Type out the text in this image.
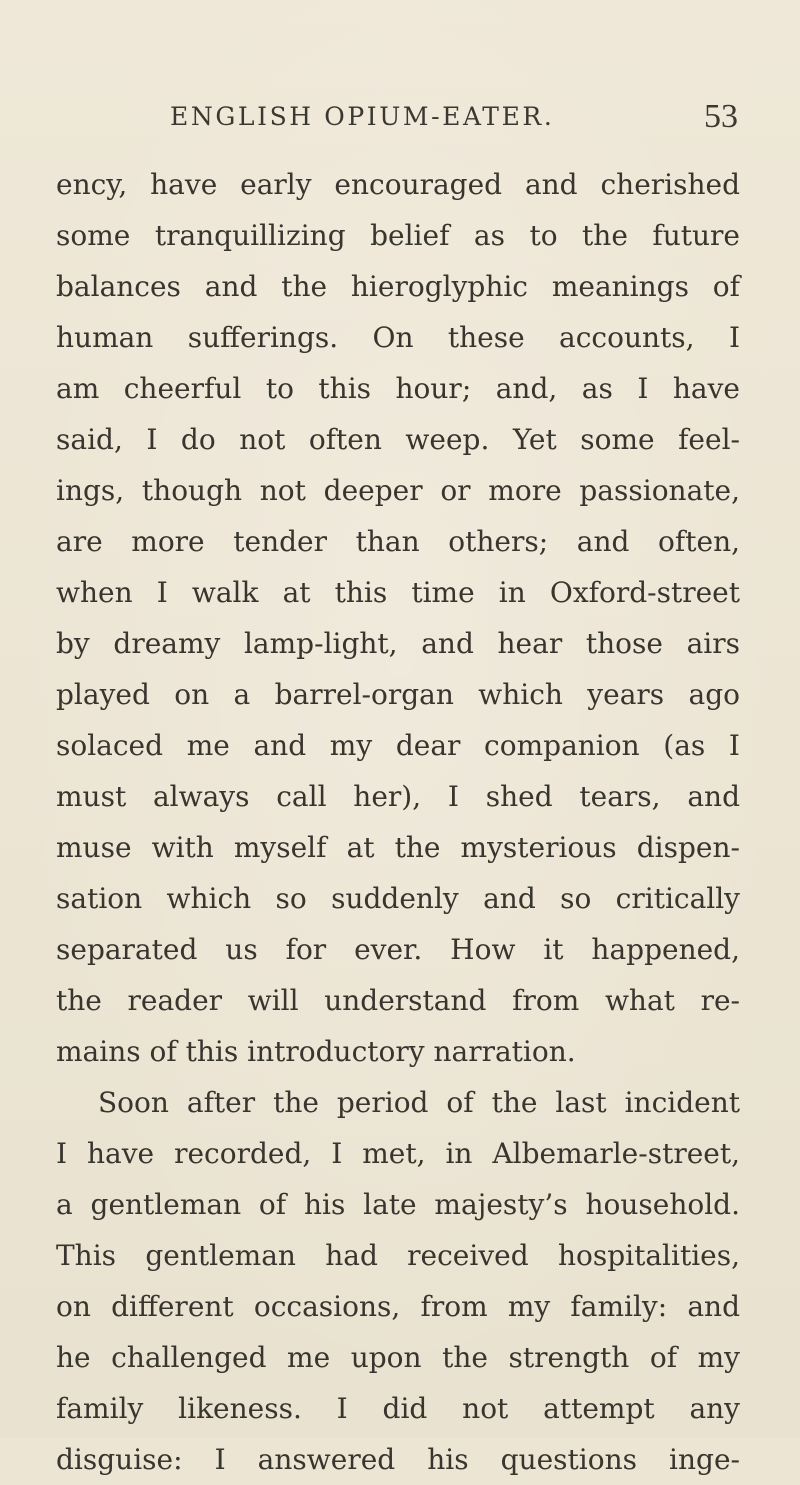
ENGLISH OPIUM-EATER.	53
ency, have early encouraged and cherished
some tranquillizing belief as to the future
balances and the hieroglyphic meanings of
human sufferings. On these accounts, I
am cheerful to this hour; and, as I have
said, I do not often weep. Yet some feel-
ings, though not deeper or more passionate,
are more tender than others; and often,
when I walk at this time in Oxford-street
by dreamy lamp-light, and hear those airs
played on a barrel-organ which years ago
solaced me and my dear companion (as I
must always call her), I shed tears, and
muse with myself at the mysterious dispen-
sation which so suddenly and so critically
separated us for ever. How it happened,
the reader will understand from what re-
mains of this introductory narration.
Soon after the period of the last incident
I have recorded, I met, in Albemarle-street,
a gentleman of his late majesty’s household.
This gentleman had received hospitalities,
on different occasions, from my family: and
he challenged me upon the strength of my
family likeness. I did not attempt any
disguise: I answered his questions inge-
